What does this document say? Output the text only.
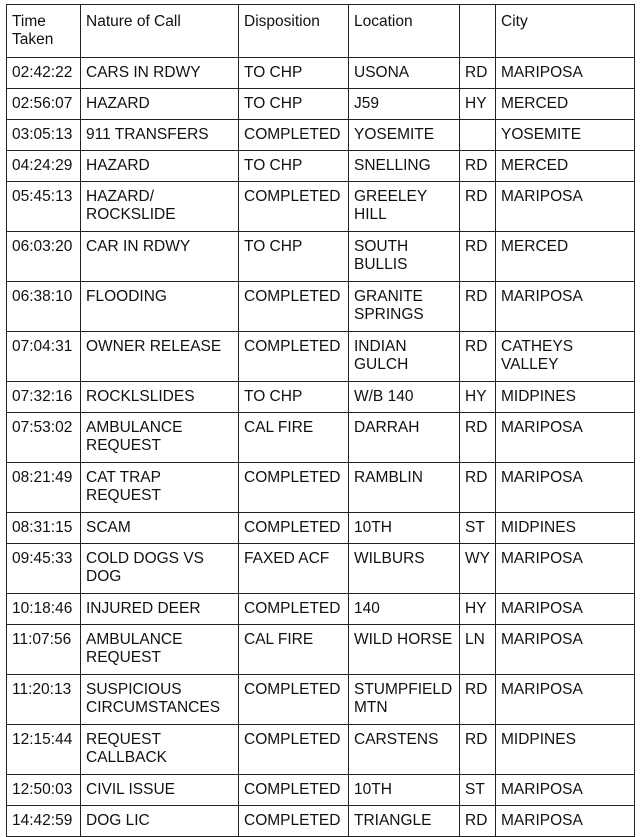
Time Taken	Nature of Call	Disposition	Location		City
02:42:22	CARS IN RDWY	TO CHP	USONA	RD	MARIPOSA
02:56:07	HAZARD	TO CHP	J59	HY	MERCED
03:05:13	911 TRANSFERS	COMPLETED	YOSEMITE		YOSEMITE
04:24:29	HAZARD	TO CHP	SNELLING	RD	MERCED
05:45:13	HAZARD/ ROCKSLIDE	COMPLETED	GREELEY HILL	RD	MARIPOSA
06:03:20	CAR IN RDWY	TO CHP	SOUTH BULLIS	RD	MERCED
06:38:10	FLOODING	COMPLETED	GRANITE SPRINGS	RD	MARIPOSA
07:04:31	OWNER RELEASE	COMPLETED	INDIAN GULCH	RD	CATHEYS VALLEY
07:32:16	ROCKLSLIDES	TO CHP	W/B 140	HY	MIDPINES
07:53:02	AMBULANCE REQUEST	CAL FIRE	DARRAH	RD	MARIPOSA
08:21:49	CAT TRAP REQUEST	COMPLETED	RAMBLIN	RD	MARIPOSA
08:31:15	SCAM	COMPLETED	10TH	ST	MIDPINES
09:45:33	COLD DOGS VS DOG	FAXED ACF	WILBURS	WY	MARIPOSA
10:18:46	INJURED DEER	COMPLETED	140	HY	MARIPOSA
11:07:56	AMBULANCE REQUEST	CAL FIRE	WILD HORSE	LN	MARIPOSA
11:20:13	SUSPICIOUS CIRCUMSTANCES	COMPLETED	STUMPFIELD MTN	RD	MARIPOSA
12:15:44	REQUEST CALLBACK	COMPLETED	CARSTENS	RD	MIDPINES
12:50:03	CIVIL ISSUE	COMPLETED	10TH	ST	MARIPOSA
14:42:59	DOG LIC	COMPLETED	TRIANGLE	RD	MARIPOSA
